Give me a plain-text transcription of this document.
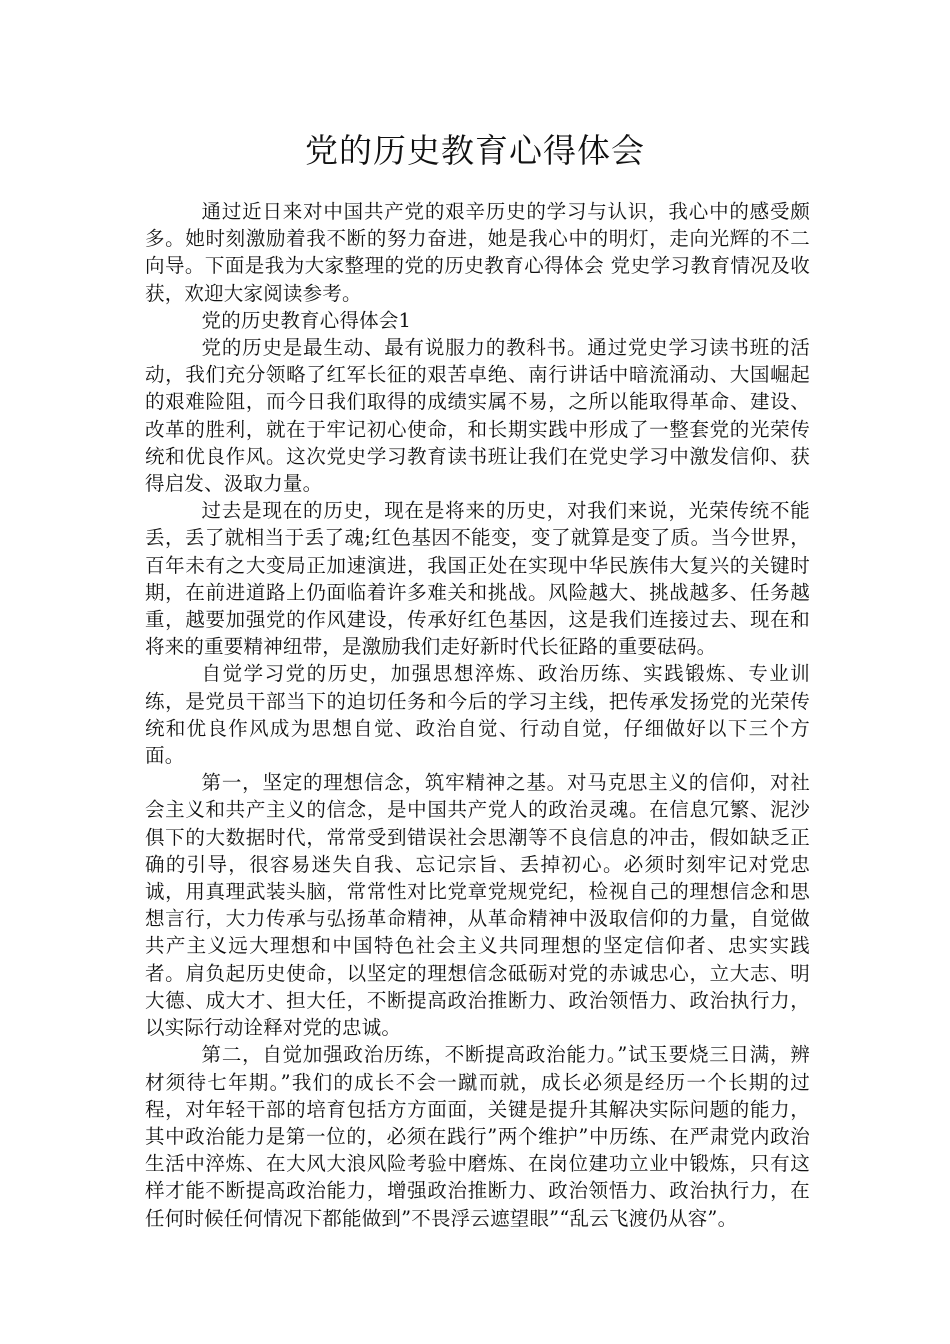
党的历史教育心得体会

通过近日来对中国共产党的艰辛历史的学习与认识，我心中的感受颇多。她时刻激励着我不断的努力奋进，她是我心中的明灯，走向光辉的不二向导。下面是我为大家整理的党的历史教育心得体会 党史学习教育情况及收获，欢迎大家阅读参考。

党的历史教育心得体会1

党的历史是最生动、最有说服力的教科书。通过党史学习读书班的活动，我们充分领略了红军长征的艰苦卓绝、南行讲话中暗流涌动、大国崛起的艰难险阻，而今日我们取得的成绩实属不易，之所以能取得革命、建设、改革的胜利，就在于牢记初心使命，和长期实践中形成了一整套党的光荣传统和优良作风。这次党史学习教育读书班让我们在党史学习中激发信仰、获得启发、汲取力量。

过去是现在的历史，现在是将来的历史，对我们来说，光荣传统不能丢，丢了就相当于丢了魂;红色基因不能变，变了就算是变了质。当今世界，百年未有之大变局正加速演进，我国正处在实现中华民族伟大复兴的关键时期，在前进道路上仍面临着许多难关和挑战。风险越大、挑战越多、任务越重，越要加强党的作风建设，传承好红色基因，这是我们连接过去、现在和将来的重要精神纽带，是激励我们走好新时代长征路的重要砝码。

自觉学习党的历史，加强思想淬炼、政治历练、实践锻炼、专业训练，是党员干部当下的迫切任务和今后的学习主线，把传承发扬党的光荣传统和优良作风成为思想自觉、政治自觉、行动自觉，仔细做好以下三个方面。

第一，坚定的理想信念，筑牢精神之基。对马克思主义的信仰，对社会主义和共产主义的信念，是中国共产党人的政治灵魂。在信息冗繁、泥沙俱下的大数据时代，常常受到错误社会思潮等不良信息的冲击，假如缺乏正确的引导，很容易迷失自我、忘记宗旨、丢掉初心。必须时刻牢记对党忠诚，用真理武装头脑，常常性对比党章党规党纪，检视自己的理想信念和思想言行，大力传承与弘扬革命精神，从革命精神中汲取信仰的力量，自觉做共产主义远大理想和中国特色社会主义共同理想的坚定信仰者、忠实实践者。肩负起历史使命，以坚定的理想信念砥砺对党的赤诚忠心，立大志、明大德、成大才、担大任，不断提高政治推断力、政治领悟力、政治执行力，以实际行动诠释对党的忠诚。

第二，自觉加强政治历练，不断提高政治能力。”试玉要烧三日满，辨材须待七年期。”我们的成长不会一蹴而就，成长必须是经历一个长期的过程，对年轻干部的培育包括方方面面，关键是提升其解决实际问题的能力，其中政治能力是第一位的，必须在践行”两个维护”中历练、在严肃党内政治生活中淬炼、在大风大浪风险考验中磨炼、在岗位建功立业中锻炼，只有这样才能不断提高政治能力，增强政治推断力、政治领悟力、政治执行力，在任何时候任何情况下都能做到”不畏浮云遮望眼”“乱云飞渡仍从容”。
